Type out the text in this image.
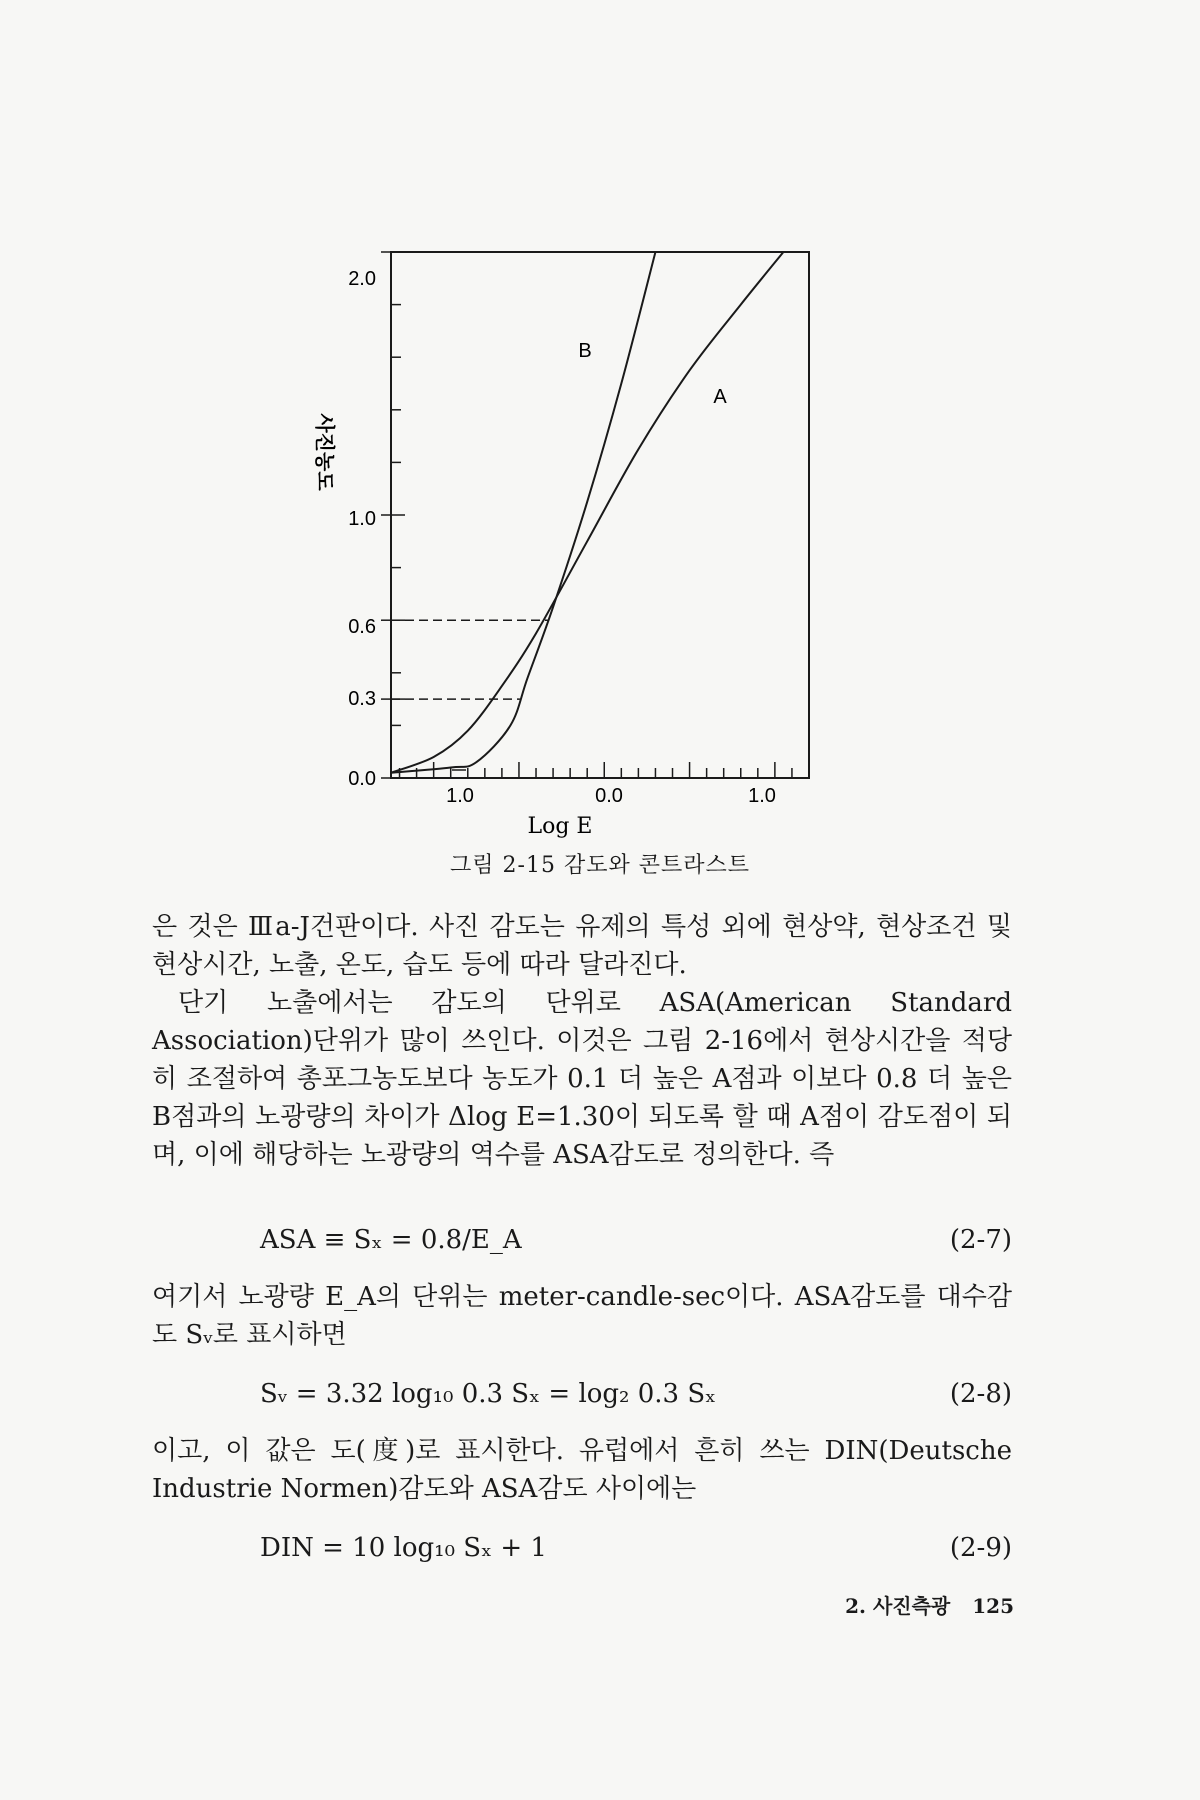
2.0
1.0
0.6
0.3
0.0
1.0	0.0	1.0
Log E
사진농도
B
A
그림 2-15 감도와 콘트라스트

은 것은 Ⅲa-J건판이다. 사진 감도는 유제의 특성 외에 현상약, 현상조건 및 현상시간, 노출, 온도, 습도 등에 따라 달라진다.

단기 노출에서는 감도의 단위로 ASA(American Standard Association)단위가 많이 쓰인다. 이것은 그림 2-16에서 현상시간을 적당히 조절하여 총포그농도보다 농도가 0.1 더 높은 A점과 이보다 0.8 더 높은 B점과의 노광량의 차이가 Δlog E=1.30이 되도록 할 때 A점이 감도점이 되며, 이에 해당하는 노광량의 역수를 ASA감도로 정의한다. 즉

ASA ≡ Sₓ = 0.8/E_A	(2-7)

여기서 노광량 E_A의 단위는 meter-candle-sec이다. ASA감도를 대수감도 Sᵥ로 표시하면

Sᵥ = 3.32 log₁₀ 0.3 Sₓ = log₂ 0.3 Sₓ	(2-8)

이고, 이 값은 도(度)로 표시한다. 유럽에서 흔히 쓰는 DIN(Deutsche Industrie Normen)감도와 ASA감도 사이에는

DIN = 10 log₁₀ Sₓ + 1	(2-9)
2. 사진측광 125
